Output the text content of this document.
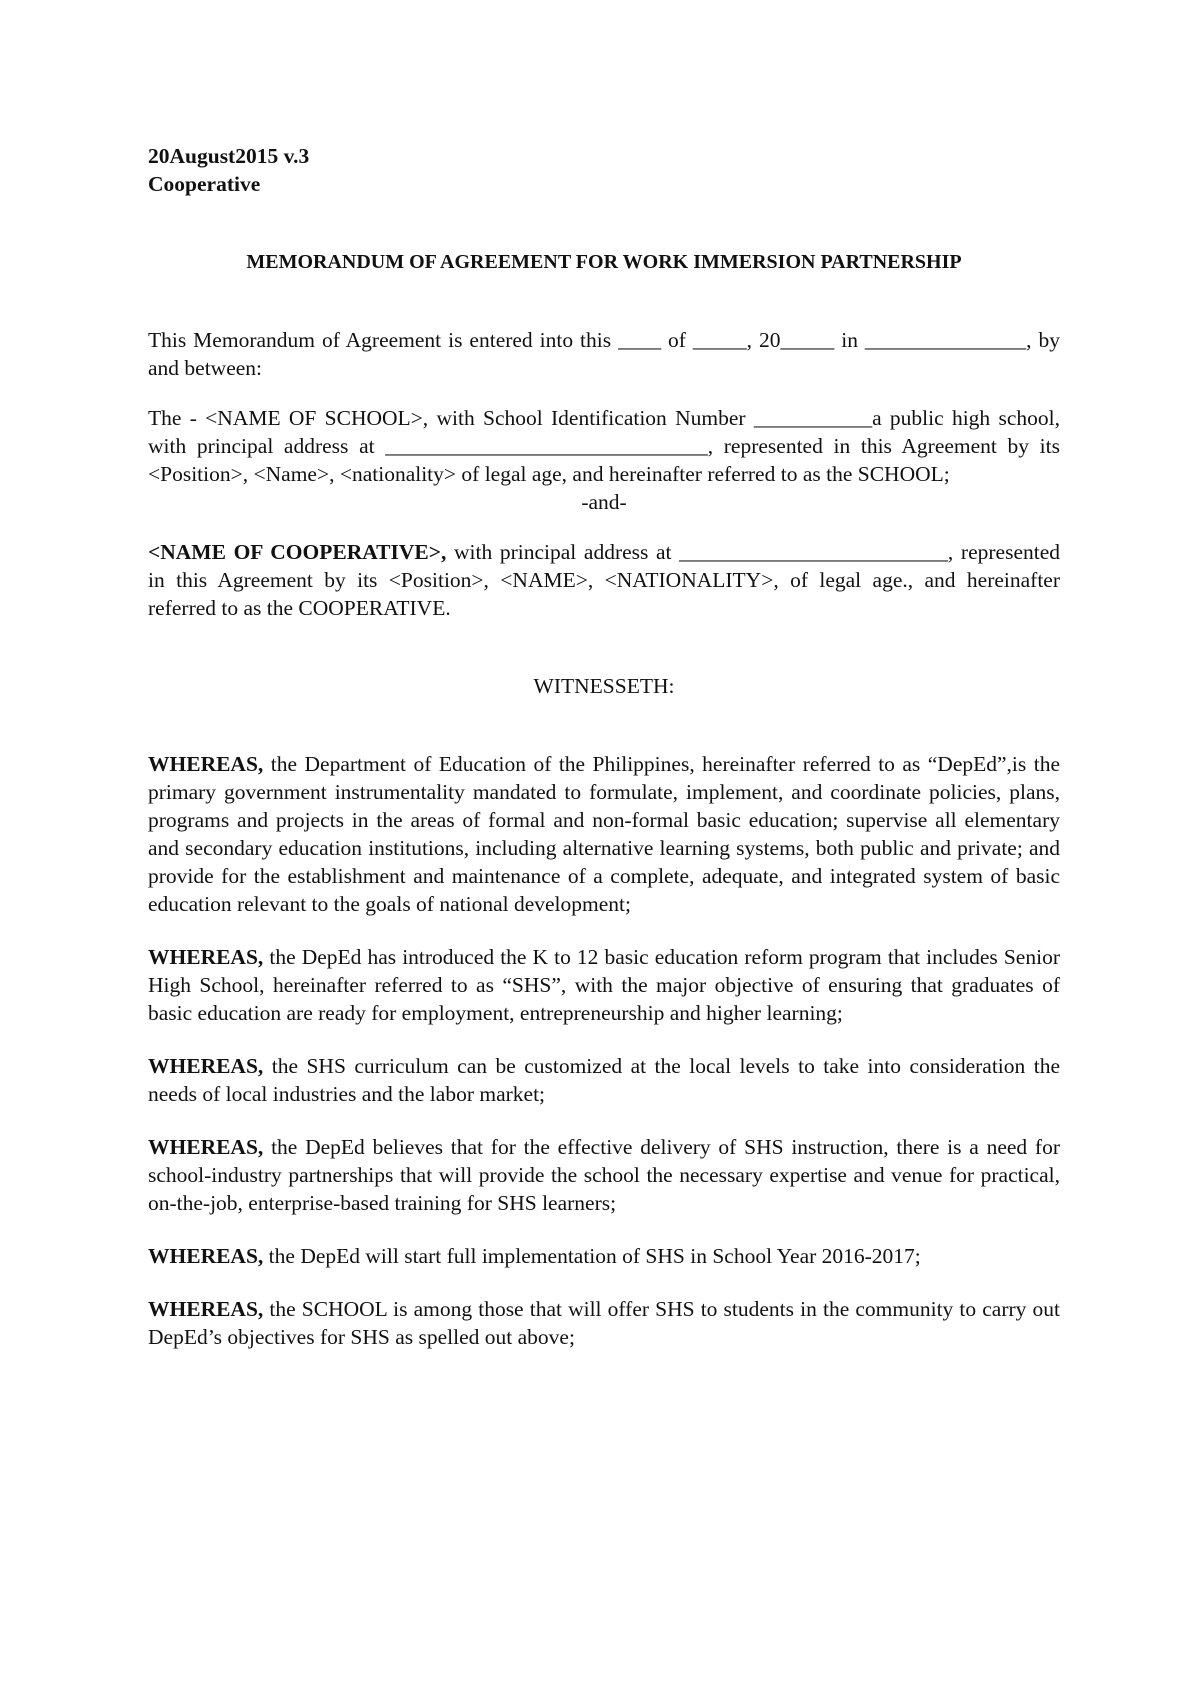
20August2015 v.3
Cooperative
MEMORANDUM OF AGREEMENT FOR WORK IMMERSION PARTNERSHIP

This Memorandum of Agreement is entered into this ____ of _____, 20_____ in _______________, by and between:

The - <NAME OF SCHOOL>, with School Identification Number ___________a public high school, with principal address at ______________________________, represented in this Agreement by its <Position>, <Name>, <nationality> of legal age, and hereinafter referred to as the SCHOOL;

-and-

<NAME OF COOPERATIVE>, with principal address at _________________________, represented in this Agreement by its <Position>, <NAME>, <NATIONALITY>, of legal age., and hereinafter referred to as the COOPERATIVE.

WITNESSETH:

WHEREAS, the Department of Education of the Philippines, hereinafter referred to as “DepEd”,is the primary government instrumentality mandated to formulate, implement, and coordinate policies, plans, programs and projects in the areas of formal and non-formal basic education; supervise all elementary and secondary education institutions, including alternative learning systems, both public and private; and provide for the establishment and maintenance of a complete, adequate, and integrated system of basic education relevant to the goals of national development;

WHEREAS, the DepEd has introduced the K to 12 basic education reform program that includes Senior High School, hereinafter referred to as “SHS”, with the major objective of ensuring that graduates of basic education are ready for employment, entrepreneurship and higher learning;

WHEREAS, the SHS curriculum can be customized at the local levels to take into consideration the needs of local industries and the labor market;

WHEREAS, the DepEd believes that for the effective delivery of SHS instruction, there is a need for school-industry partnerships that will provide the school the necessary expertise and venue for practical, on-the-job, enterprise-based training for SHS learners;

WHEREAS, the DepEd will start full implementation of SHS in School Year 2016-2017;

WHEREAS, the SCHOOL is among those that will offer SHS to students in the community to carry out DepEd’s objectives for SHS as spelled out above;
